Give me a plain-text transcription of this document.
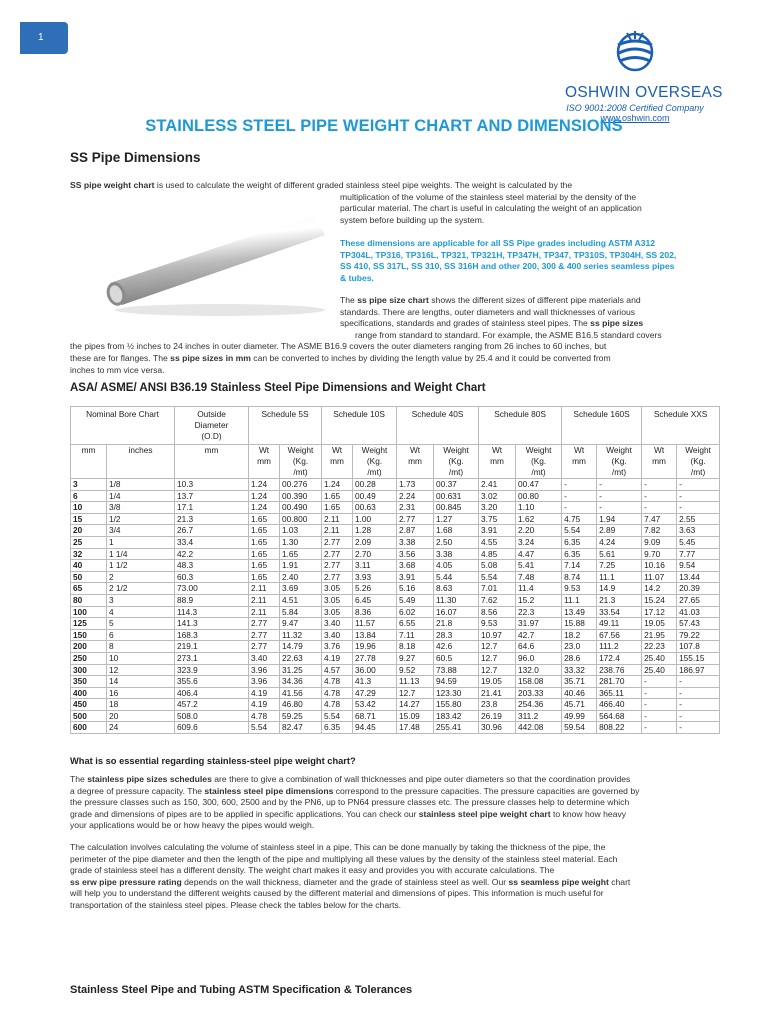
1
OSHWIN OVERSEAS
ISO 9001:2008 Certified Company
www.oshwin.com
STAINLESS STEEL PIPE WEIGHT CHART AND DIMENSIONS
SS Pipe Dimensions
SS pipe weight chart is used to calculate the weight of different graded stainless steel pipe weights. The weight is calculated by the
multiplication of the volume of the stainless steel material by the density of the
particular material. The chart is useful in calculating the weight of an application
system before building up the system.
These dimensions are applicable for all SS Pipe grades including ASTM A312
TP304L, TP316, TP316L, TP321, TP321H, TP347H, TP347, TP310S, TP304H, SS 202,
SS 410, SS 317L, SS 310, SS 316H and other 200, 300 & 400 series seamless pipes
& tubes.
The ss pipe size chart shows the different sizes of different pipe materials and
standards. There are lengths, outer diameters and wall thicknesses of various
specifications, standards and grades of stainless steel pipes. The ss pipe sizes
range from standard to standard. For example, the ASME B16.5 standard covers
the pipes from ½ inches to 24 inches in outer diameter. The ASME B16.9 covers the outer diameters ranging from 26 inches to 60 inches, but
these are for flanges. The ss pipe sizes in mm can be converted to inches by dividing the length value by 25.4 and it could be converted from
inches to mm vice versa.
ASA/ ASME/ ANSI B36.19 Stainless Steel Pipe Dimensions and Weight Chart
Nominal Bore Chart		Outside
Diameter
(O.D)	Schedule 5S		Schedule 10S		Schedule 40S		Schedule 80S		Schedule 160S		Schedule XXS	
mm	inches	mm	Wt
mm	Weight
(Kg.
/mt)	Wt
mm	Weight
(Kg.
/mt)	Wt
mm	Weight
(Kg.
/mt)	Wt
mm	Weight
(Kg.
/mt)	Wt
mm	Weight
(Kg.
/mt)	Wt
mm	Weight
(Kg.
/mt)
3	1/8	10.3	1.24	00.276	1.24	00.28	1.73	00.37	2.41	00.47	-	-	-	-
6	1/4	13.7	1.24	00.390	1.65	00.49	2.24	00.631	3.02	00.80	-	-	-	-
10	3/8	17.1	1.24	00.490	1.65	00.63	2.31	00.845	3.20	1.10	-	-	-	-
15	1/2	21.3	1.65	00.800	2.11	1.00	2.77	1.27	3.75	1.62	4.75	1.94	7.47	2.55
20	3/4	26.7	1.65	1.03	2.11	1.28	2.87	1.68	3.91	2.20	5.54	2.89	7.82	3.63
25	1	33.4	1.65	1.30	2.77	2.09	3.38	2.50	4.55	3.24	6.35	4.24	9.09	5.45
32	1 1/4	42.2	1.65	1.65	2.77	2.70	3.56	3.38	4.85	4.47	6.35	5.61	9.70	7.77
40	1 1/2	48.3	1.65	1.91	2.77	3.11	3.68	4.05	5.08	5.41	7.14	7.25	10.16	9.54
50	2	60.3	1.65	2.40	2.77	3.93	3.91	5.44	5.54	7.48	8.74	11.1	11.07	13.44
65	2 1/2	73.00	2.11	3.69	3.05	5.26	5.16	8.63	7.01	11.4	9.53	14.9	14.2	20.39
80	3	88.9	2.11	4.51	3.05	6.45	5.49	11.30	7.62	15.2	11.1	21.3	15.24	27.65
100	4	114.3	2.11	5.84	3.05	8.36	6.02	16.07	8.56	22.3	13.49	33.54	17.12	41.03
125	5	141.3	2.77	9.47	3.40	11.57	6.55	21.8	9.53	31.97	15.88	49.11	19.05	57.43
150	6	168.3	2.77	11.32	3.40	13.84	7.11	28.3	10.97	42.7	18.2	67.56	21.95	79.22
200	8	219.1	2.77	14.79	3.76	19.96	8.18	42.6	12.7	64.6	23.0	111.2	22.23	107.8
250	10	273.1	3.40	22.63	4.19	27.78	9.27	60.5	12.7	96.0	28.6	172.4	25.40	155.15
300	12	323.9	3.96	31.25	4.57	36.00	9.52	73.88	12.7	132.0	33.32	238.76	25.40	186.97
350	14	355.6	3.96	34.36	4.78	41.3	11.13	94.59	19.05	158.08	35.71	281.70	-	-
400	16	406.4	4.19	41.56	4.78	47.29	12.7	123.30	21.41	203.33	40.46	365.11	-	-
450	18	457.2	4.19	46.80	4.78	53.42	14.27	155.80	23.8	254.36	45.71	466.40	-	-
500	20	508.0	4.78	59.25	5.54	68.71	15.09	183.42	26.19	311.2	49.99	564.68	-	-
600	24	609.6	5.54	82.47	6.35	94.45	17.48	255.41	30.96	442.08	59.54	808.22	-	-
What is so essential regarding stainless-steel pipe weight chart?
The stainless pipe sizes schedules are there to give a combination of wall thicknesses and pipe outer diameters so that the coordination provides
a degree of pressure capacity. The stainless steel pipe dimensions correspond to the pressure capacities. The pressure capacities are governed by
the pressure classes such as 150, 300, 600, 2500 and by the PN6, up to PN64 pressure classes etc. The pressure classes help to determine which
grade and dimensions of pipes are to be applied in specific applications. You can check our stainless steel pipe weight chart to know how heavy
your applications would be or how heavy the pipes would weigh.
The calculation involves calculating the volume of stainless steel in a pipe. This can be done manually by taking the thickness of the pipe, the
perimeter of the pipe diameter and then the length of the pipe and multiplying all these values by the density of the stainless steel material. Each
grade of stainless steel has a different density. The weight chart makes it easy and provides you with accurate calculations. The
ss erw pipe pressure rating depends on the wall thickness, diameter and the grade of stainless steel as well. Our ss seamless pipe weight chart
will help you to understand the different weights caused by the different material and dimensions of pipes. This information is much useful for
transportation of the stainless steel pipes. Please check the tables below for the charts.
Stainless Steel Pipe and Tubing ASTM Specification & Tolerances
